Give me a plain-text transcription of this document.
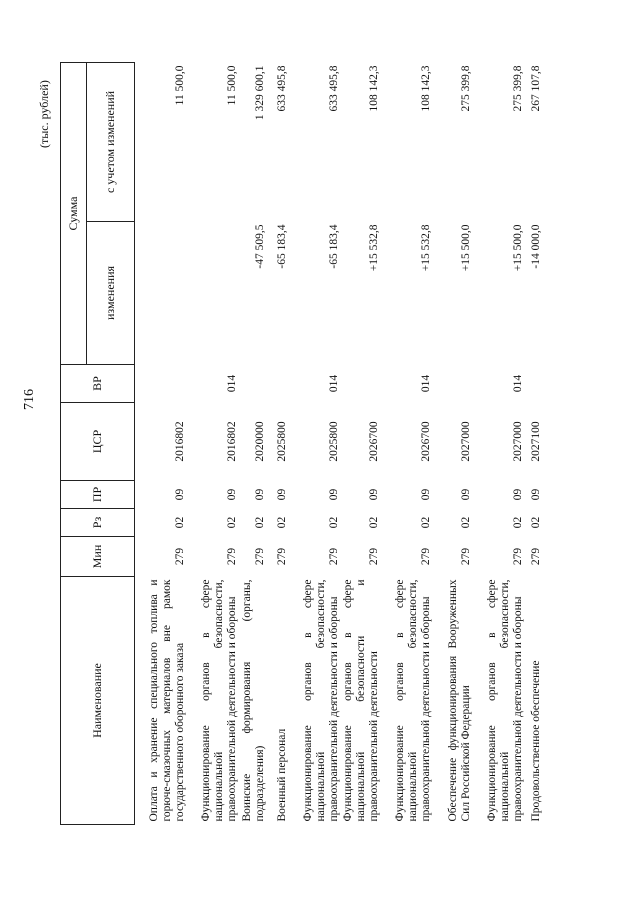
716
(тыс. рублей)
Наименование	Мин	Рз	ПР	ЦСР	ВР	Сумма	
						изменения	с учетом изменений
Оплата и хранение специального топлива и горюче-смазочных материалов вне рамок государственного оборонного заказа	279	02	09	2016802			11 500,0
Функционирование органов в сфере национальной безопасности, правоохранительной деятельности и обороны	279	02	09	2016802	014		11 500,0
Воинские формирования (органы, подразделения)	279	02	09	2020000		-47 509,5	1 329 600,1
Военный персонал	279	02	09	2025800		-65 183,4	633 495,8
Функционирование органов в сфере национальной безопасности, правоохранительной деятельности и обороны	279	02	09	2025800	014	-65 183,4	633 495,8
Функционирование органов в сфере национальной безопасности и правоохранительной деятельности	279	02	09	2026700		+15 532,8	108 142,3
Функционирование органов в сфере национальной безопасности, правоохранительной деятельности и обороны	279	02	09	2026700	014	+15 532,8	108 142,3
Обеспечение функционирования Вооруженных Сил Российской Федерации	279	02	09	2027000		+15 500,0	275 399,8
Функционирование органов в сфере национальной безопасности, правоохранительной деятельности и обороны	279	02	09	2027000	014	+15 500,0	275 399,8
Продовольственное обеспечение	279	02	09	2027100		-14 000,0	267 107,8
